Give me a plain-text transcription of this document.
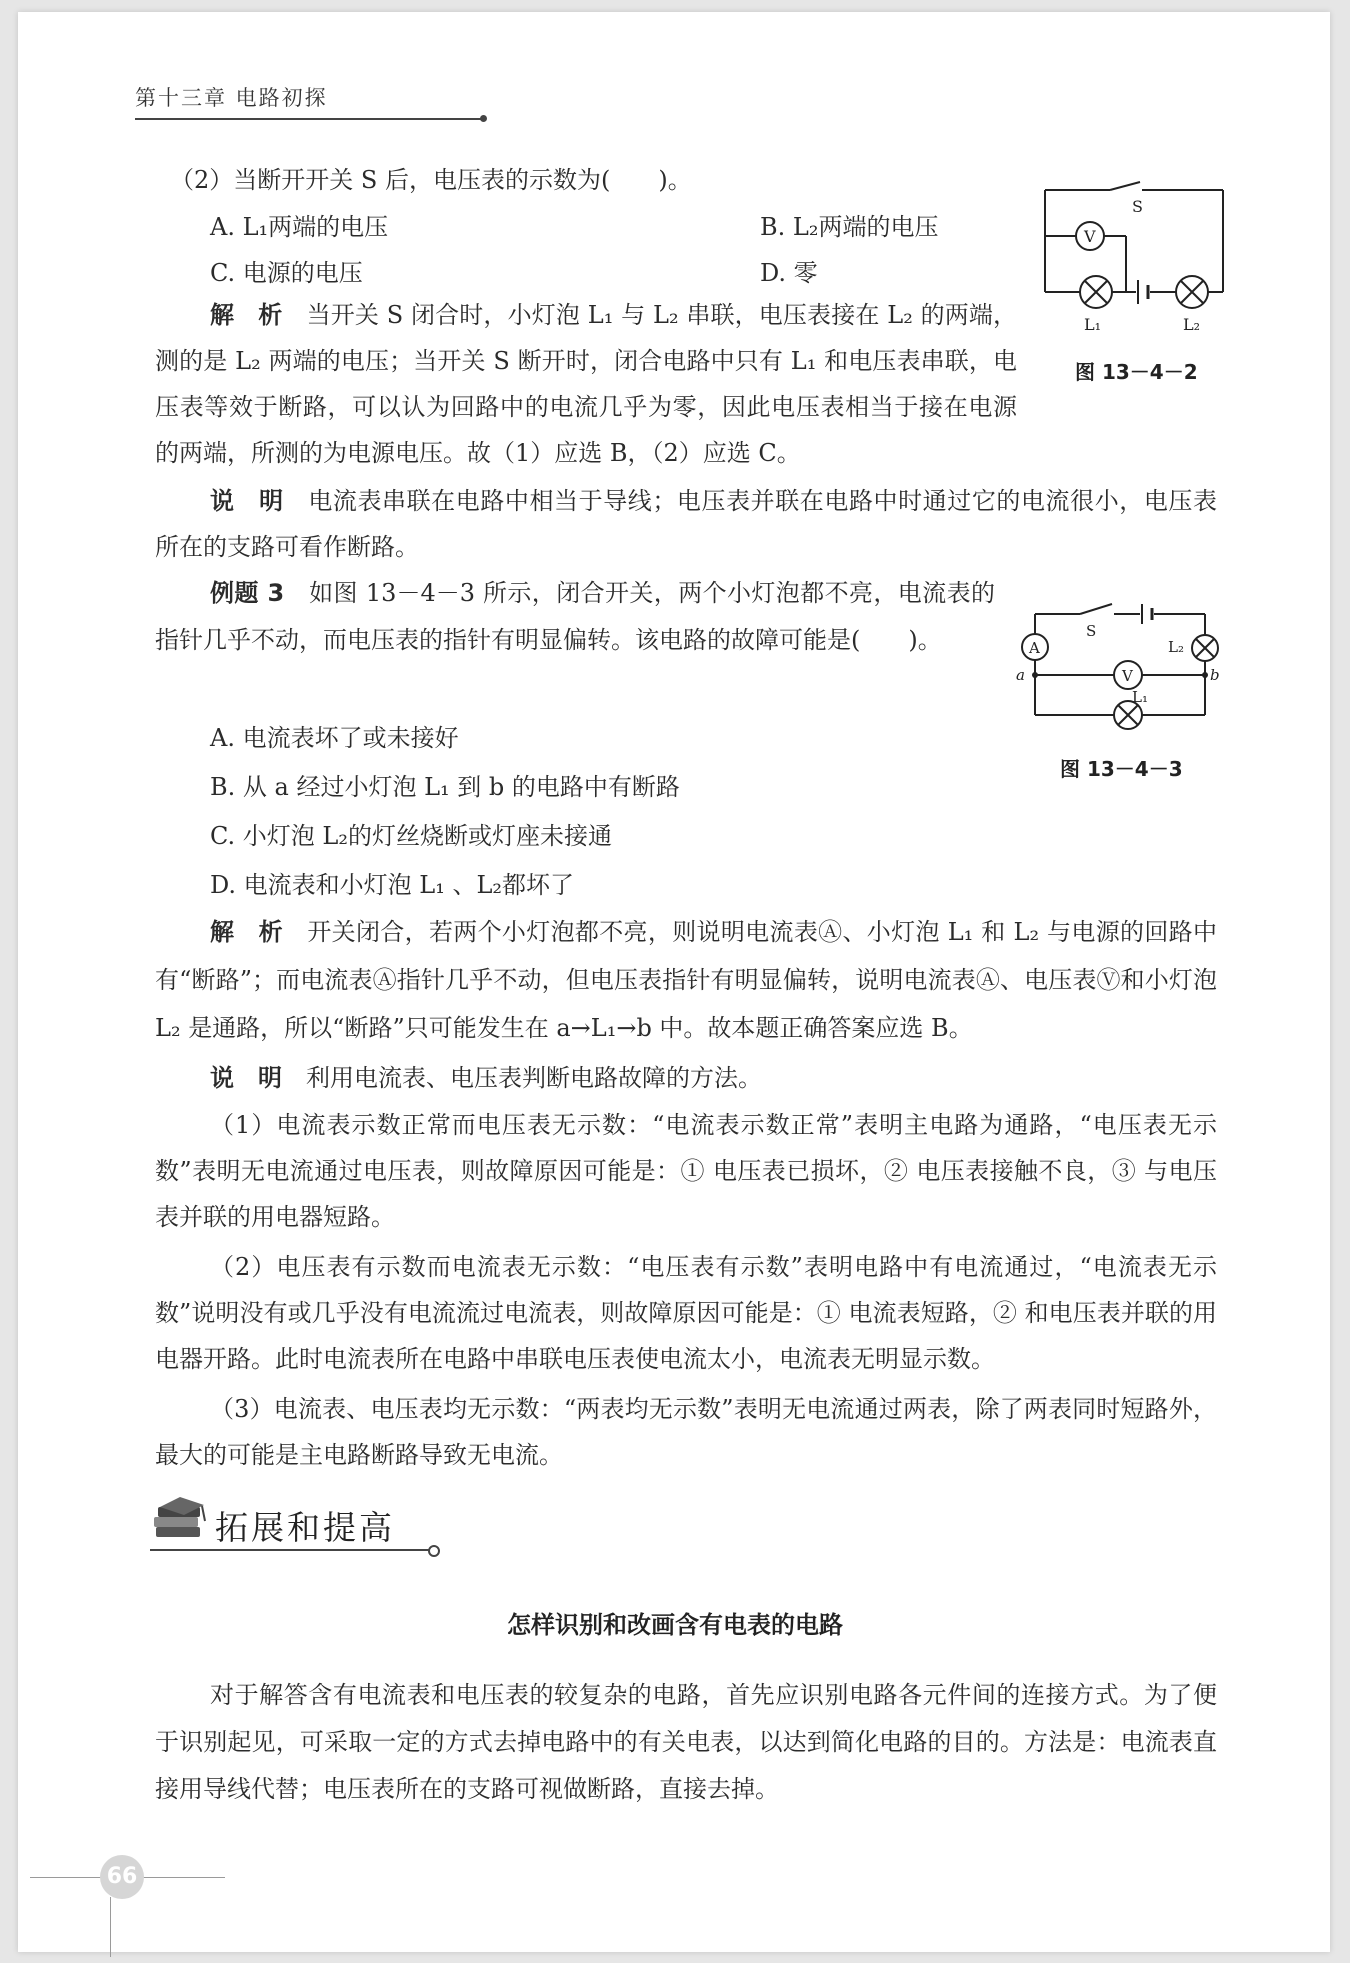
第十三章 电路初探
（2）当断开开关 S 后，电压表的示数为(　　)。
A. L₁两端的电压	B. L₂两端的电压
C. 电源的电压	D. 零

解　析　 当开关 S 闭合时，小灯泡 L₁ 与 L₂ 串联，电压表接在 L₂ 的两端，测的是 L₂ 两端的电压；当开关 S 断开时，闭合电路中只有 L₁ 和电压表串联，电压表等效于断路，可以认为回路中的电流几乎为零，因此电压表相当于接在电源的两端，所测的为电源电压。故（1）应选 B，（2）应选 C。

S
V
L₁	L₂
图 13－4－2

说　明　 电流表串联在电路中相当于导线；电压表并联在电路中时通过它的电流很小，电压表所在的支路可看作断路。

例题 3　 如图 13－4－3 所示，闭合开关，两个小灯泡都不亮，电流表的指针几乎不动，而电压表的指针有明显偏转。该电路的故障可能是(　　)。	S
A
V
L₂
L₁
a	b
图 13－4－3
A. 电流表坏了或未接好
B. 从 a 经过小灯泡 L₁ 到 b 的电路中有断路
C. 小灯泡 L₂的灯丝烧断或灯座未接通
D. 电流表和小灯泡 L₁ 、L₂都坏了

解　析　 开关闭合，若两个小灯泡都不亮，则说明电流表Ⓐ、小灯泡 L₁ 和 L₂ 与电源的回路中有“断路”；而电流表Ⓐ指针几乎不动，但电压表指针有明显偏转，说明电流表Ⓐ、电压表Ⓥ和小灯泡 L₂ 是通路，所以“断路”只可能发生在 a→L₁→b 中。故本题正确答案应选 B。

说　明　 利用电流表、电压表判断电路故障的方法。

（1）电流表示数正常而电压表无示数：“电流表示数正常”表明主电路为通路，“电压表无示数”表明无电流通过电压表，则故障原因可能是：① 电压表已损坏，② 电压表接触不良，③ 与电压表并联的用电器短路。

（2）电压表有示数而电流表无示数：“电压表有示数”表明电路中有电流通过，“电流表无示数”说明没有或几乎没有电流流过电流表，则故障原因可能是：① 电流表短路，② 和电压表并联的用电器开路。此时电流表所在电路中串联电压表使电流太小，电流表无明显示数。

（3）电流表、电压表均无示数：“两表均无示数”表明无电流通过两表，除了两表同时短路外，最大的可能是主电路断路导致无电流。

拓展和提高
怎样识别和改画含有电表的电路

对于解答含有电流表和电压表的较复杂的电路，首先应识别电路各元件间的连接方式。为了便于识别起见，可采取一定的方式去掉电路中的有关电表，以达到简化电路的目的。方法是：电流表直接用导线代替；电压表所在的支路可视做断路，直接去掉。

66
